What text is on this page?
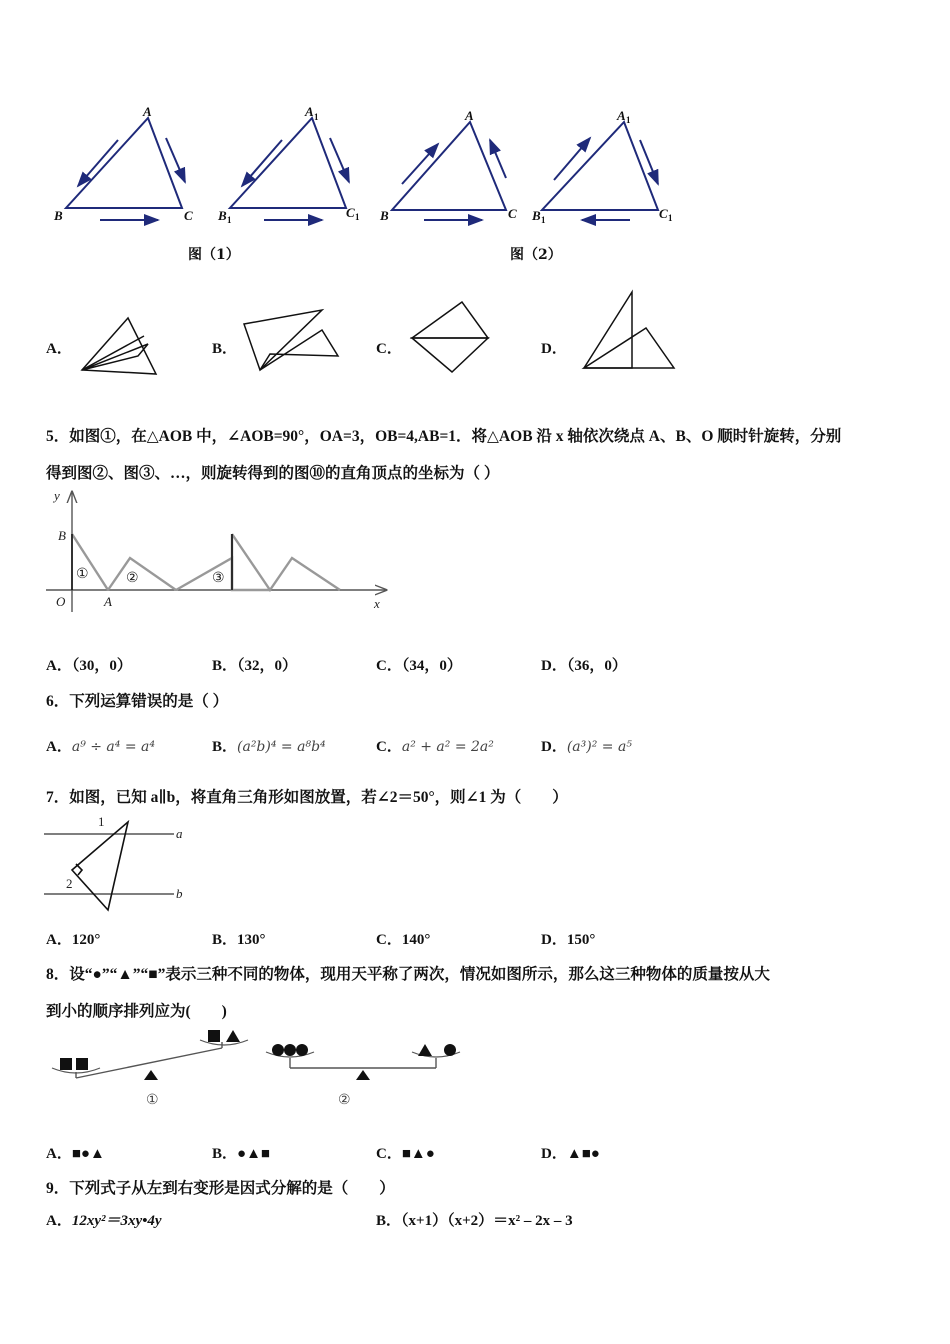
A
B	C
A 1
B 1	C 1
A
B	C
A 1
B 1	C 1
图（1）	图（2）
A．	B．	C．	D．
5．如图①，在△AOB 中，∠AOB=90°，OA=3，OB=4,AB=1．将△AOB 沿 x 轴依次绕点 A、B、O 顺时针旋转，分别
得到图②、图③、…，则旋转得到的图⑩的直角顶点的坐标为（ ）
y
x
B
O	A
①	②	③
A．（30，0）	B．（32，0）	C．（34，0）	D．（36，0）
6．下列运算错误的是（ ）
A．a⁹ ÷ a⁴ = a⁴	B．(a²b)⁴ = a⁸b⁴	C．a² + a² = 2a²	D．(a³)² = a⁵
7．如图，已知 a∥b，将直角三角形如图放置，若∠2＝50°，则∠1 为（　　）
1
2
a
b
A．120°	B．130°	C．140°	D．150°
8．设“●”“▲”“■”表示三种不同的物体，现用天平称了两次，情况如图所示，那么这三种物体的质量按从大
到小的顺序排列应为(　　)
①	②
A．■●▲	B．●▲■	C．■▲●	D．▲■●
9．下列式子从左到右变形是因式分解的是（　　）
A．12xy²＝3xy•4y	B．（x+1）（x+2）＝x² – 2x – 3
